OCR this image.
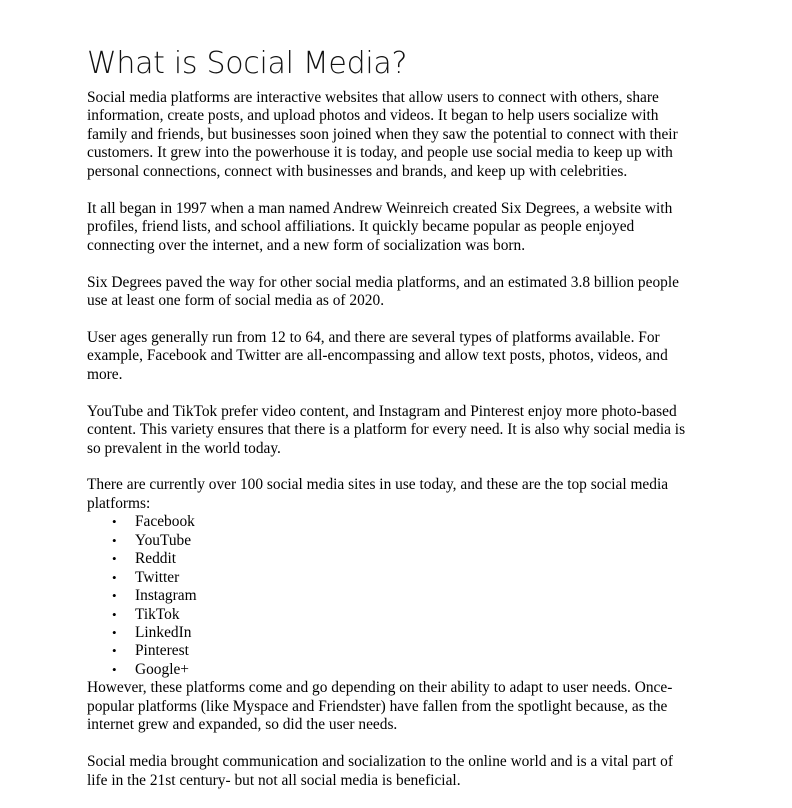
What is Social Media?

Social media platforms are interactive websites that allow users to connect with others, share
information, create posts, and upload photos and videos. It began to help users socialize with
family and friends, but businesses soon joined when they saw the potential to connect with their
customers. It grew into the powerhouse it is today, and people use social media to keep up with
personal connections, connect with businesses and brands, and keep up with celebrities.

It all began in 1997 when a man named Andrew Weinreich created Six Degrees, a website with
profiles, friend lists, and school affiliations. It quickly became popular as people enjoyed
connecting over the internet, and a new form of socialization was born.

Six Degrees paved the way for other social media platforms, and an estimated 3.8 billion people
use at least one form of social media as of 2020.

User ages generally run from 12 to 64, and there are several types of platforms available. For
example, Facebook and Twitter are all-encompassing and allow text posts, photos, videos, and
more.

YouTube and TikTok prefer video content, and Instagram and Pinterest enjoy more photo-based
content. This variety ensures that there is a platform for every need. It is also why social media is
so prevalent in the world today.

There are currently over 100 social media sites in use today, and these are the top social media
platforms:

• Facebook
• YouTube
• Reddit
• Twitter
• Instagram
• TikTok
• LinkedIn
• Pinterest
• Google+

However, these platforms come and go depending on their ability to adapt to user needs. Once-
popular platforms (like Myspace and Friendster) have fallen from the spotlight because, as the
internet grew and expanded, so did the user needs.

Social media brought communication and socialization to the online world and is a vital part of
life in the 21st century- but not all social media is beneficial.
